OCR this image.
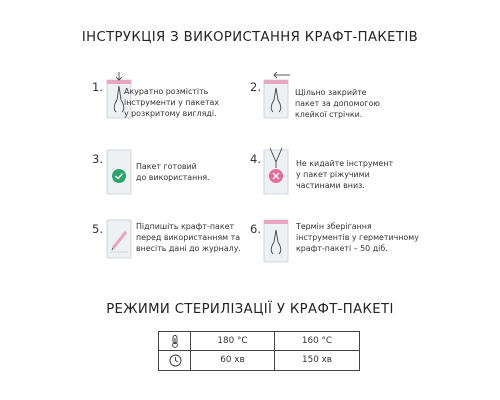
ІНСТРУКЦІЯ З ВИКОРИСТАННЯ КРАФТ-ПАКЕТІВ
1.	Акуратно розмістіть
інструменти у пакетах
у розкритому вигляді.
2.	Щільно закрийте
пакет за допомогою
клейкої стрічки.
3.
Пакет готовий
до використання.
4.	Не кидайте інструмент
у пакет ріжучими
частинами вниз.
5.	Підпишіть крафт-пакет
перед використанням та
внесіть дані до журналу.
6.	Термін зберігання
інструментів у герметичному
крафт-пакеті – 50 діб.
РЕЖИМИ СТЕРИЛІЗАЦІЇ У КРАФТ-ПАКЕТІ
180 °C	160 °C
60 хв	150 хв
